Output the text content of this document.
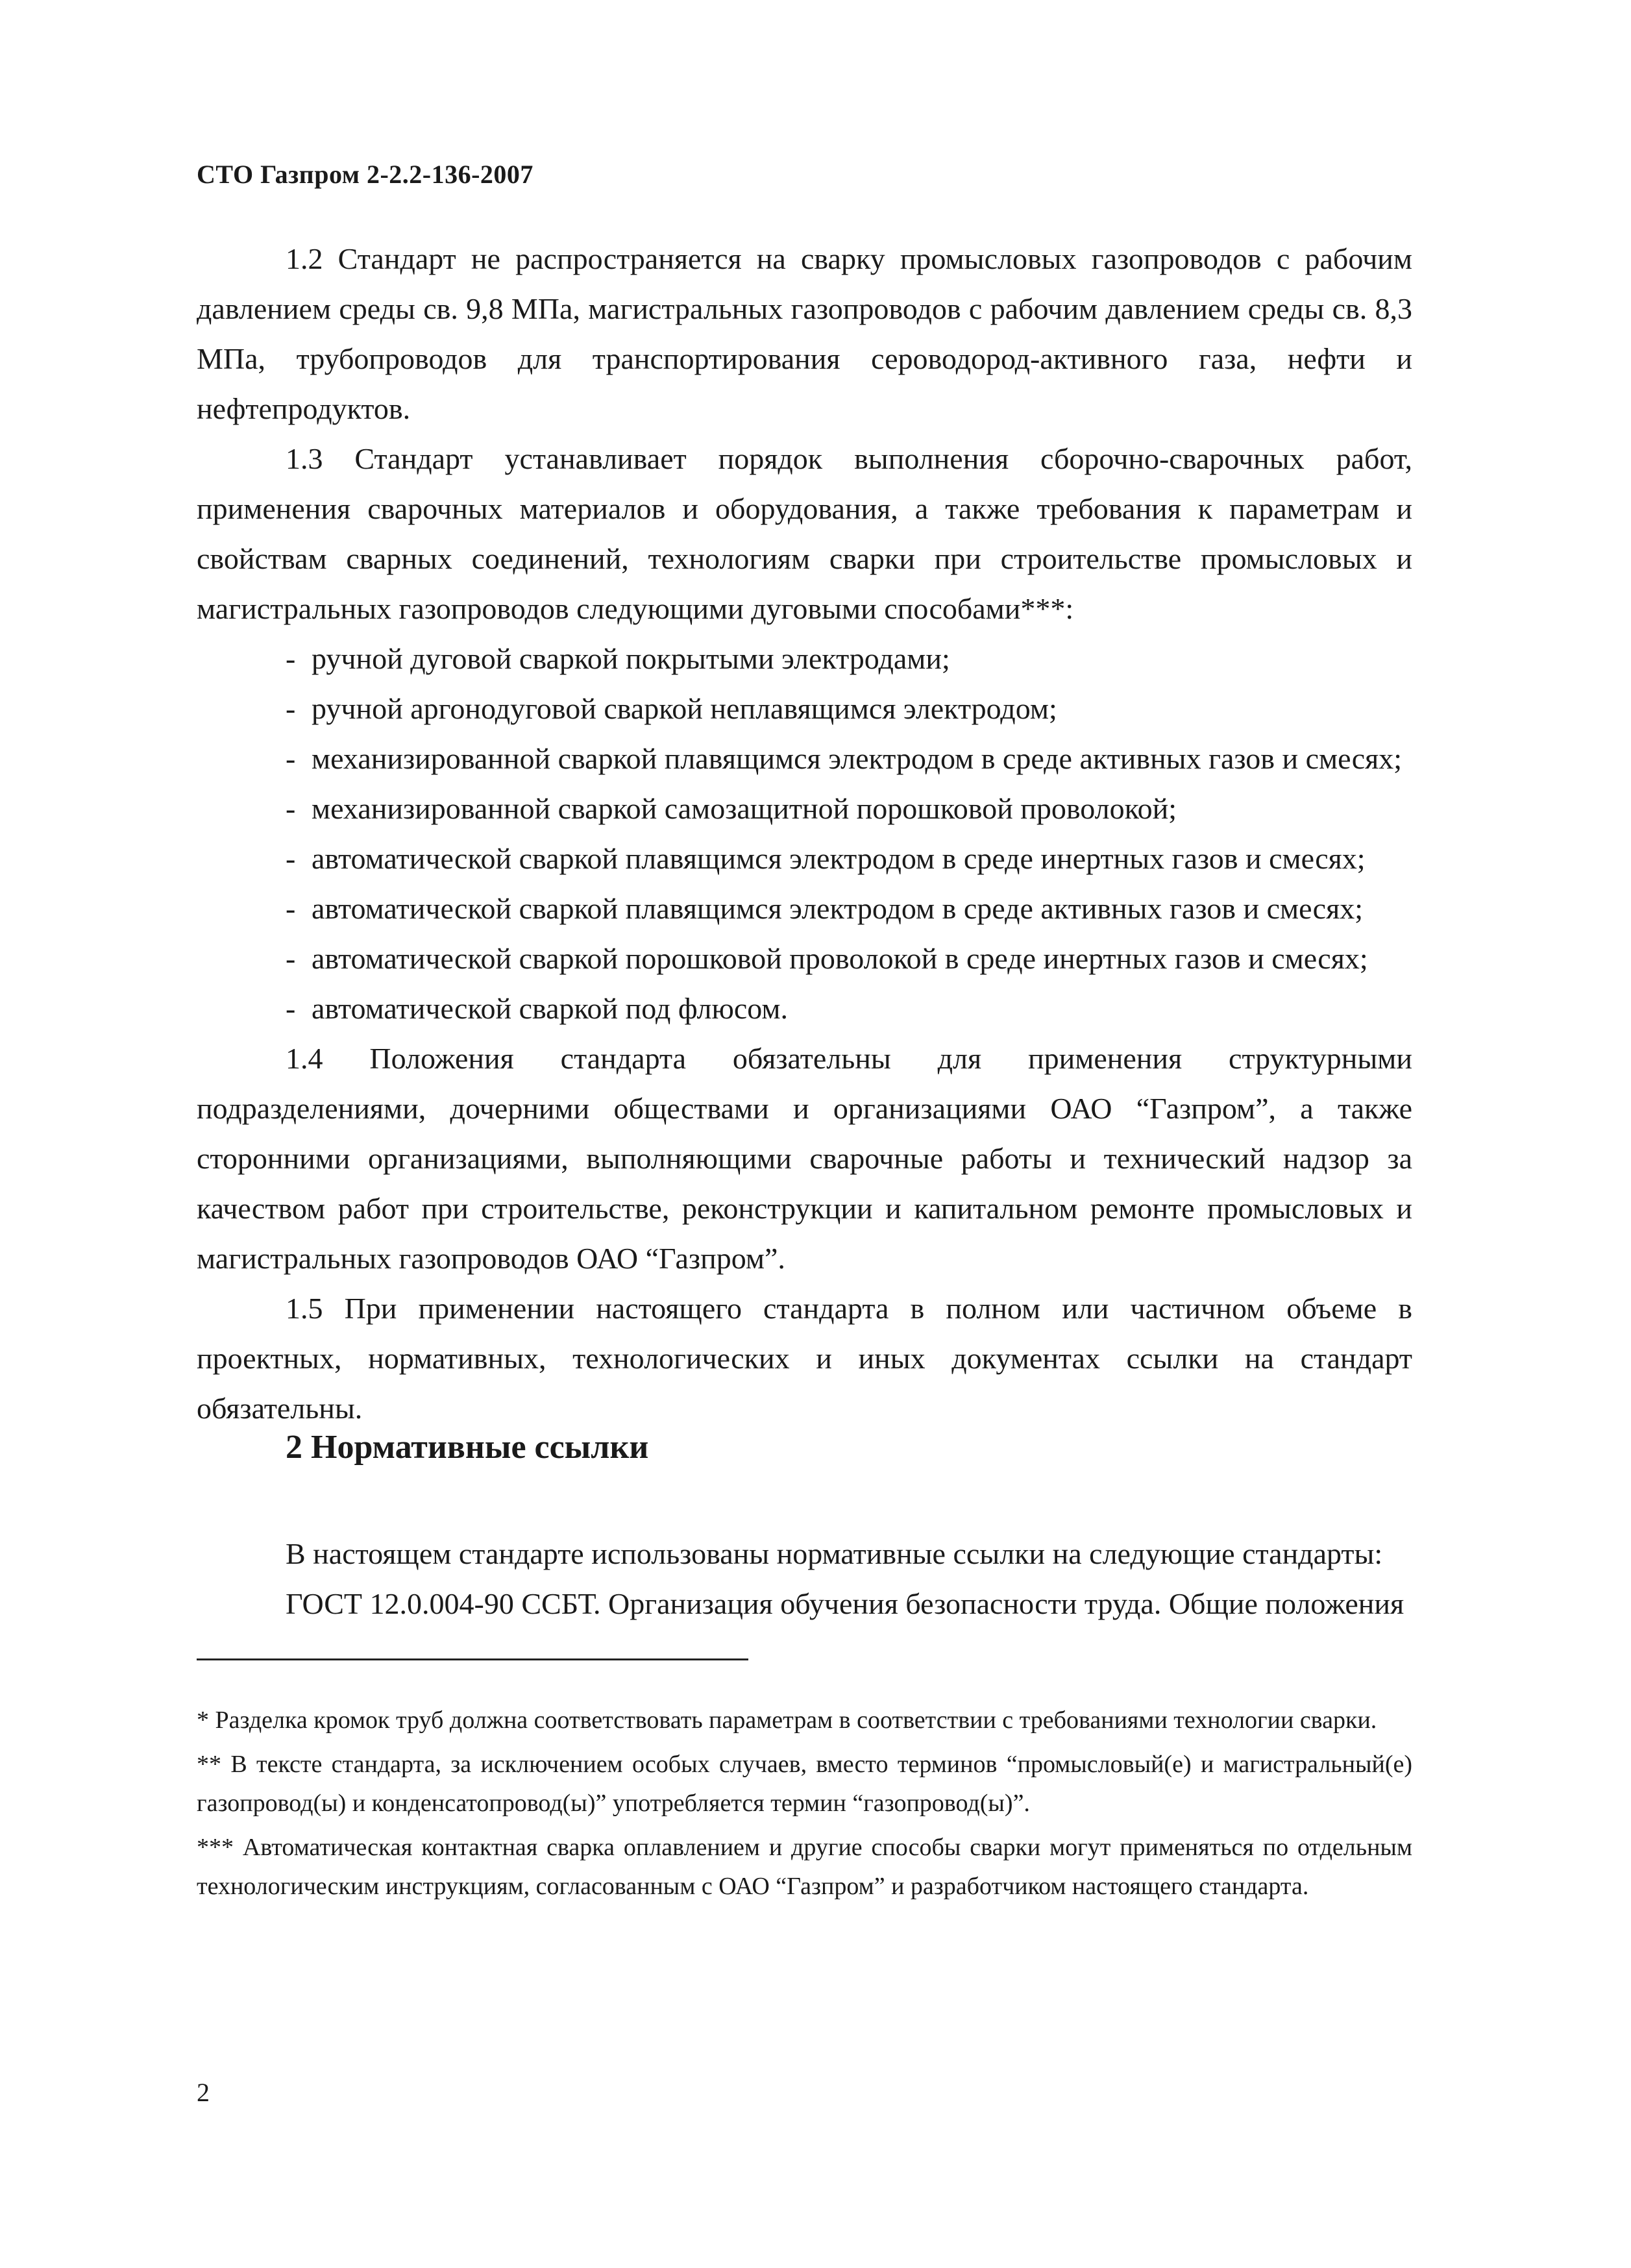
СТО Газпром 2-2.2-136-2007

1.2 Стандарт не распространяется на сварку промысловых газопроводов с рабочим давлением среды св. 9,8 МПа, магистральных газопроводов с рабочим давлением среды св. 8,3 МПа, трубопроводов для транспортирования сероводород-активного газа, нефти и нефтепродуктов.

1.3 Стандарт устанавливает порядок выполнения сборочно-сварочных работ, применения сварочных материалов и оборудования, а также требования к параметрам и свойствам сварных соединений, технологиям сварки при строительстве промысловых и магистральных газопроводов следующими дуговыми способами***:

- ручной дуговой сваркой покрытыми электродами;
- ручной аргонодуговой сваркой неплавящимся электродом;
- механизированной сваркой плавящимся электродом в среде активных газов и смесях;
- механизированной сваркой самозащитной порошковой проволокой;
- автоматической сваркой плавящимся электродом в среде инертных газов и смесях;
- автоматической сваркой плавящимся электродом в среде активных газов и смесях;
- автоматической сваркой порошковой проволокой в среде инертных газов и смесях;
- автоматической сваркой под флюсом.

1.4 Положения стандарта обязательны для применения структурными подразделениями, дочерними обществами и организациями ОАО “Газпром”, а также сторонними организациями, выполняющими сварочные работы и технический надзор за качеством работ при строительстве, реконструкции и капитальном ремонте промысловых и магистральных газопроводов ОАО “Газпром”.

1.5 При применении настоящего стандарта в полном или частичном объеме в проектных, нормативных, технологических и иных документах ссылки на стандарт обязательны.

2 Нормативные ссылки

В настоящем стандарте использованы нормативные ссылки на следующие стандарты:

ГОСТ 12.0.004-90 ССБТ. Организация обучения безопасности труда. Общие положения

* Разделка кромок труб должна соответствовать параметрам в соответствии с требованиями технологии сварки.

** В тексте стандарта, за исключением особых случаев, вместо терминов “промысловый(е) и магистральный(е) газопровод(ы) и конденсатопровод(ы)” употребляется термин “газопровод(ы)”.

*** Автоматическая контактная сварка оплавлением и другие способы сварки могут применяться по отдельным технологическим инструкциям, согласованным с ОАО “Газпром” и разработчиком настоящего стандарта.

2
